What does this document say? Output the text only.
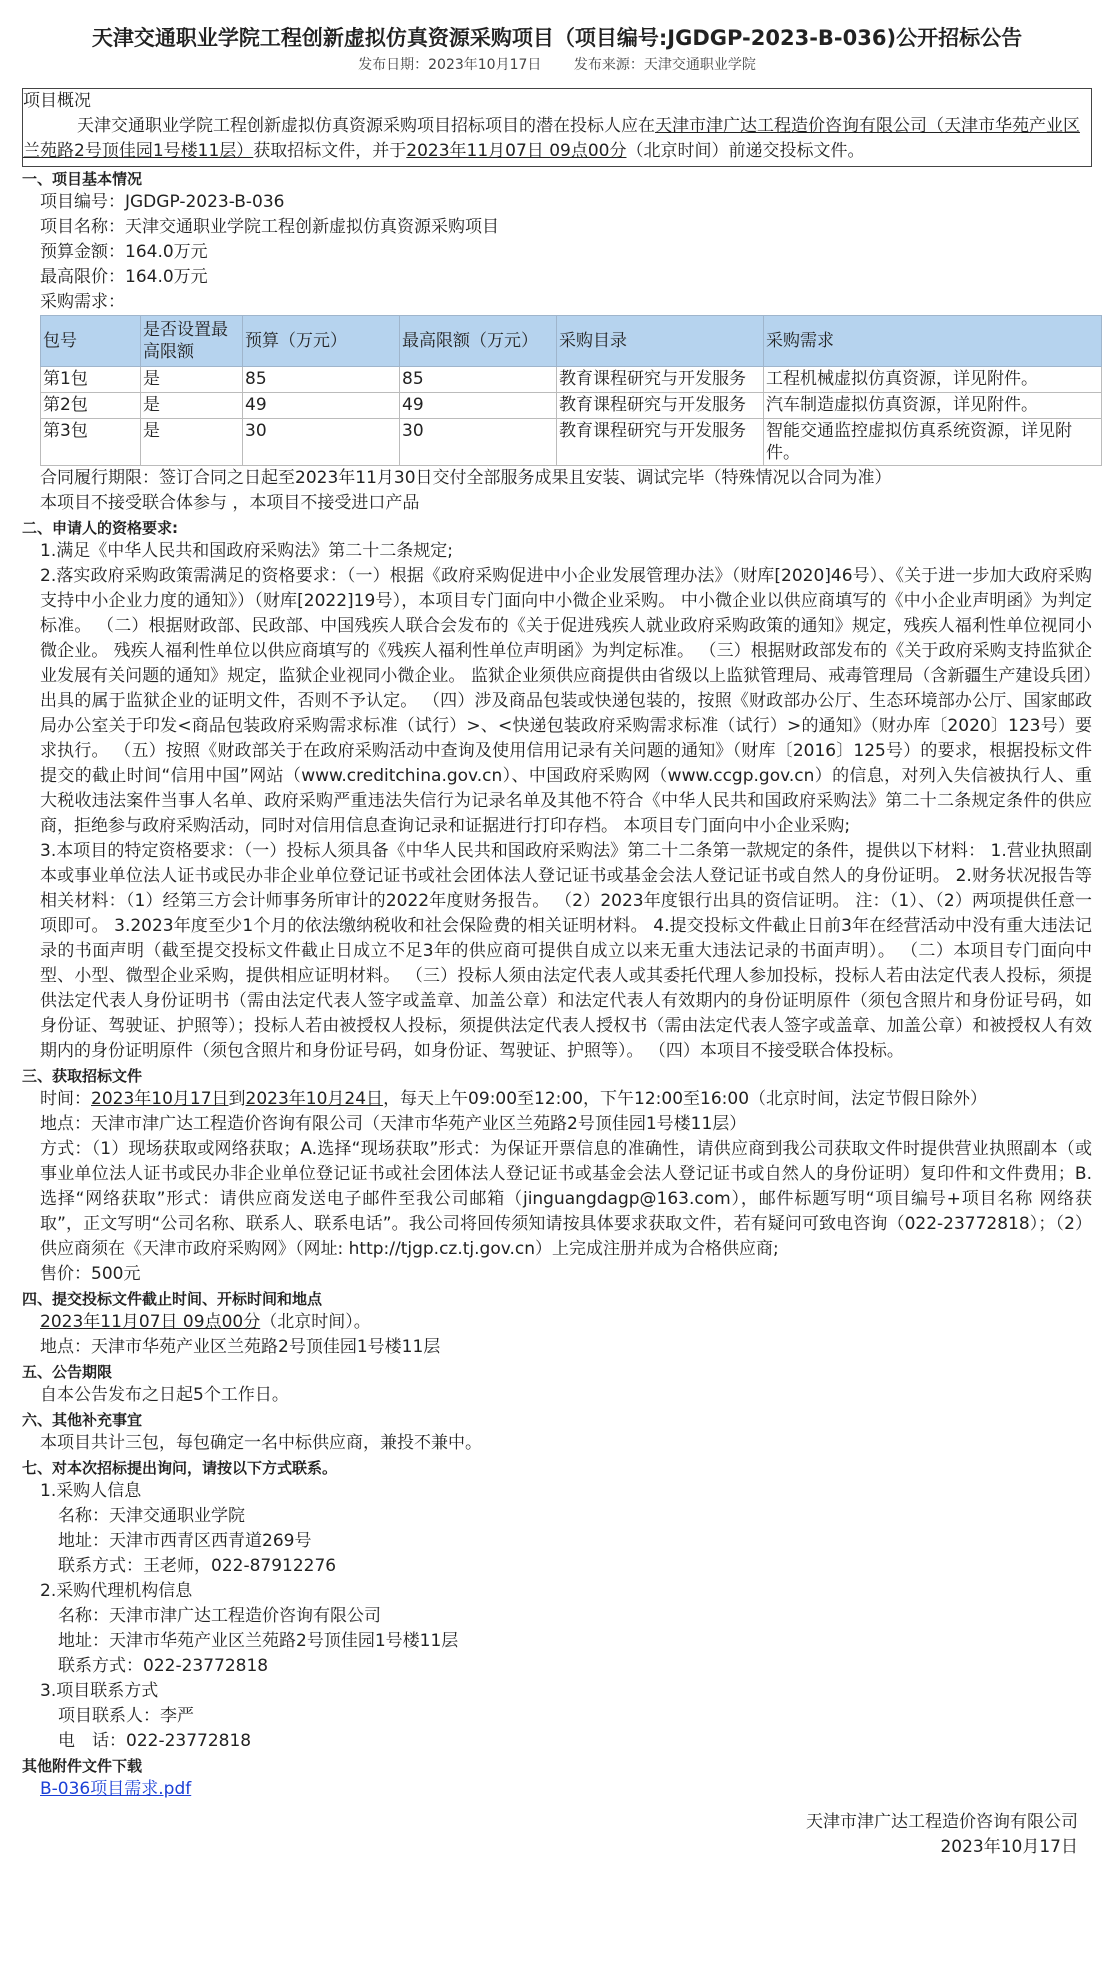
天津交通职业学院工程创新虚拟仿真资源采购项目（项目编号:JGDGP-2023-B-036)公开招标公告
发布日期：2023年10月17日 发布来源：天津交通职业学院
项目概况
天津交通职业学院工程创新虚拟仿真资源采购项目招标项目的潜在投标人应在天津市津广达工程造价咨询有限公司（天津市华苑产业区兰苑路2号顶佳园1号楼11层）获取招标文件，并于2023年11月07日 09点00分（北京时间）前递交投标文件。
一、项目基本情况
项目编号：JGDGP-2023-B-036
项目名称：天津交通职业学院工程创新虚拟仿真资源采购项目
预算金额：164.0万元
最高限价：164.0万元
采购需求：
包号	是否设置最高限额	预算（万元）	最高限额（万元）	采购目录	采购需求
第1包	是	85	85	教育课程研究与开发服务	工程机械虚拟仿真资源，详见附件。
第2包	是	49	49	教育课程研究与开发服务	汽车制造虚拟仿真资源，详见附件。
第3包	是	30	30	教育课程研究与开发服务	智能交通监控虚拟仿真系统资源，详见附件。
合同履行期限：签订合同之日起至2023年11月30日交付全部服务成果且安装、调试完毕（特殊情况以合同为准）
本项目不接受联合体参与 ，本项目不接受进口产品
二、申请人的资格要求:
1.满足《中华人民共和国政府采购法》第二十二条规定;
2.落实政府采购政策需满足的资格要求：（一）根据《政府采购促进中小企业发展管理办法》（财库[2020]46号）、《关于进一步加大政府采购支持中小企业力度的通知》）（财库[2022]19号），本项目专门面向中小微企业采购。 中小微企业以供应商填写的《中小企业声明函》为判定标准。 （二）根据财政部、民政部、中国残疾人联合会发布的《关于促进残疾人就业政府采购政策的通知》规定，残疾人福利性单位视同小微企业。 残疾人福利性单位以供应商填写的《残疾人福利性单位声明函》为判定标准。 （三）根据财政部发布的《关于政府采购支持监狱企业发展有关问题的通知》规定，监狱企业视同小微企业。 监狱企业须供应商提供由省级以上监狱管理局、戒毒管理局（含新疆生产建设兵团）出具的属于监狱企业的证明文件，否则不予认定。 （四）涉及商品包装或快递包装的，按照《财政部办公厅、生态环境部办公厅、国家邮政局办公室关于印发<商品包装政府采购需求标准（试行）>、<快递包装政府采购需求标准（试行）>的通知》（财办库〔2020〕123号）要求执行。 （五）按照《财政部关于在政府采购活动中查询及使用信用记录有关问题的通知》（财库〔2016〕125号）的要求，根据投标文件提交的截止时间“信用中国”网站（www.creditchina.gov.cn）、中国政府采购网（www.ccgp.gov.cn）的信息，对列入失信被执行人、重大税收违法案件当事人名单、政府采购严重违法失信行为记录名单及其他不符合《中华人民共和国政府采购法》第二十二条规定条件的供应商，拒绝参与政府采购活动，同时对信用信息查询记录和证据进行打印存档。 本项目专门面向中小企业采购;
3.本项目的特定资格要求：（一）投标人须具备《中华人民共和国政府采购法》第二十二条第一款规定的条件，提供以下材料： 1.营业执照副本或事业单位法人证书或民办非企业单位登记证书或社会团体法人登记证书或基金会法人登记证书或自然人的身份证明。 2.财务状况报告等相关材料：（1）经第三方会计师事务所审计的2022年度财务报告。 （2）2023年度银行出具的资信证明。 注：（1）、（2）两项提供任意一项即可。 3.2023年度至少1个月的依法缴纳税收和社会保险费的相关证明材料。 4.提交投标文件截止日前3年在经营活动中没有重大违法记录的书面声明（截至提交投标文件截止日成立不足3年的供应商可提供自成立以来无重大违法记录的书面声明）。 （二）本项目专门面向中型、小型、微型企业采购，提供相应证明材料。 （三）投标人须由法定代表人或其委托代理人参加投标，投标人若由法定代表人投标，须提供法定代表人身份证明书（需由法定代表人签字或盖章、加盖公章）和法定代表人有效期内的身份证明原件（须包含照片和身份证号码，如身份证、驾驶证、护照等）；投标人若由被授权人投标，须提供法定代表人授权书（需由法定代表人签字或盖章、加盖公章）和被授权人有效期内的身份证明原件（须包含照片和身份证号码，如身份证、驾驶证、护照等）。 （四）本项目不接受联合体投标。
三、获取招标文件
时间：2023年10月17日到2023年10月24日，每天上午09:00至12:00，下午12:00至16:00（北京时间，法定节假日除外）
地点：天津市津广达工程造价咨询有限公司（天津市华苑产业区兰苑路2号顶佳园1号楼11层）
方式：（1）现场获取或网络获取；A.选择“现场获取”形式：为保证开票信息的准确性，请供应商到我公司获取文件时提供营业执照副本（或事业单位法人证书或民办非企业单位登记证书或社会团体法人登记证书或基金会法人登记证书或自然人的身份证明）复印件和文件费用；B.选择“网络获取”形式：请供应商发送电子邮件至我公司邮箱（jinguangdagp@163.com），邮件标题写明“项目编号+项目名称 网络获取”，正文写明“公司名称、联系人、联系电话”。我公司将回传须知请按具体要求获取文件，若有疑问可致电咨询（022-23772818）；（2）供应商须在《天津市政府采购网》（网址: http://tjgp.cz.tj.gov.cn）上完成注册并成为合格供应商;
售价：500元
四、提交投标文件截止时间、开标时间和地点
2023年11月07日 09点00分（北京时间）。
地点：天津市华苑产业区兰苑路2号顶佳园1号楼11层
五、公告期限
自本公告发布之日起5个工作日。
六、其他补充事宜
本项目共计三包，每包确定一名中标供应商，兼投不兼中。
七、对本次招标提出询问，请按以下方式联系。
1.采购人信息
名称：天津交通职业学院
地址：天津市西青区西青道269号
联系方式：王老师，022-87912276
2.采购代理机构信息
名称：天津市津广达工程造价咨询有限公司
地址：天津市华苑产业区兰苑路2号顶佳园1号楼11层
联系方式：022-23772818
3.项目联系方式
项目联系人：李严
电　话：022-23772818
其他附件文件下载
B-036项目需求.pdf
天津市津广达工程造价咨询有限公司
2023年10月17日
